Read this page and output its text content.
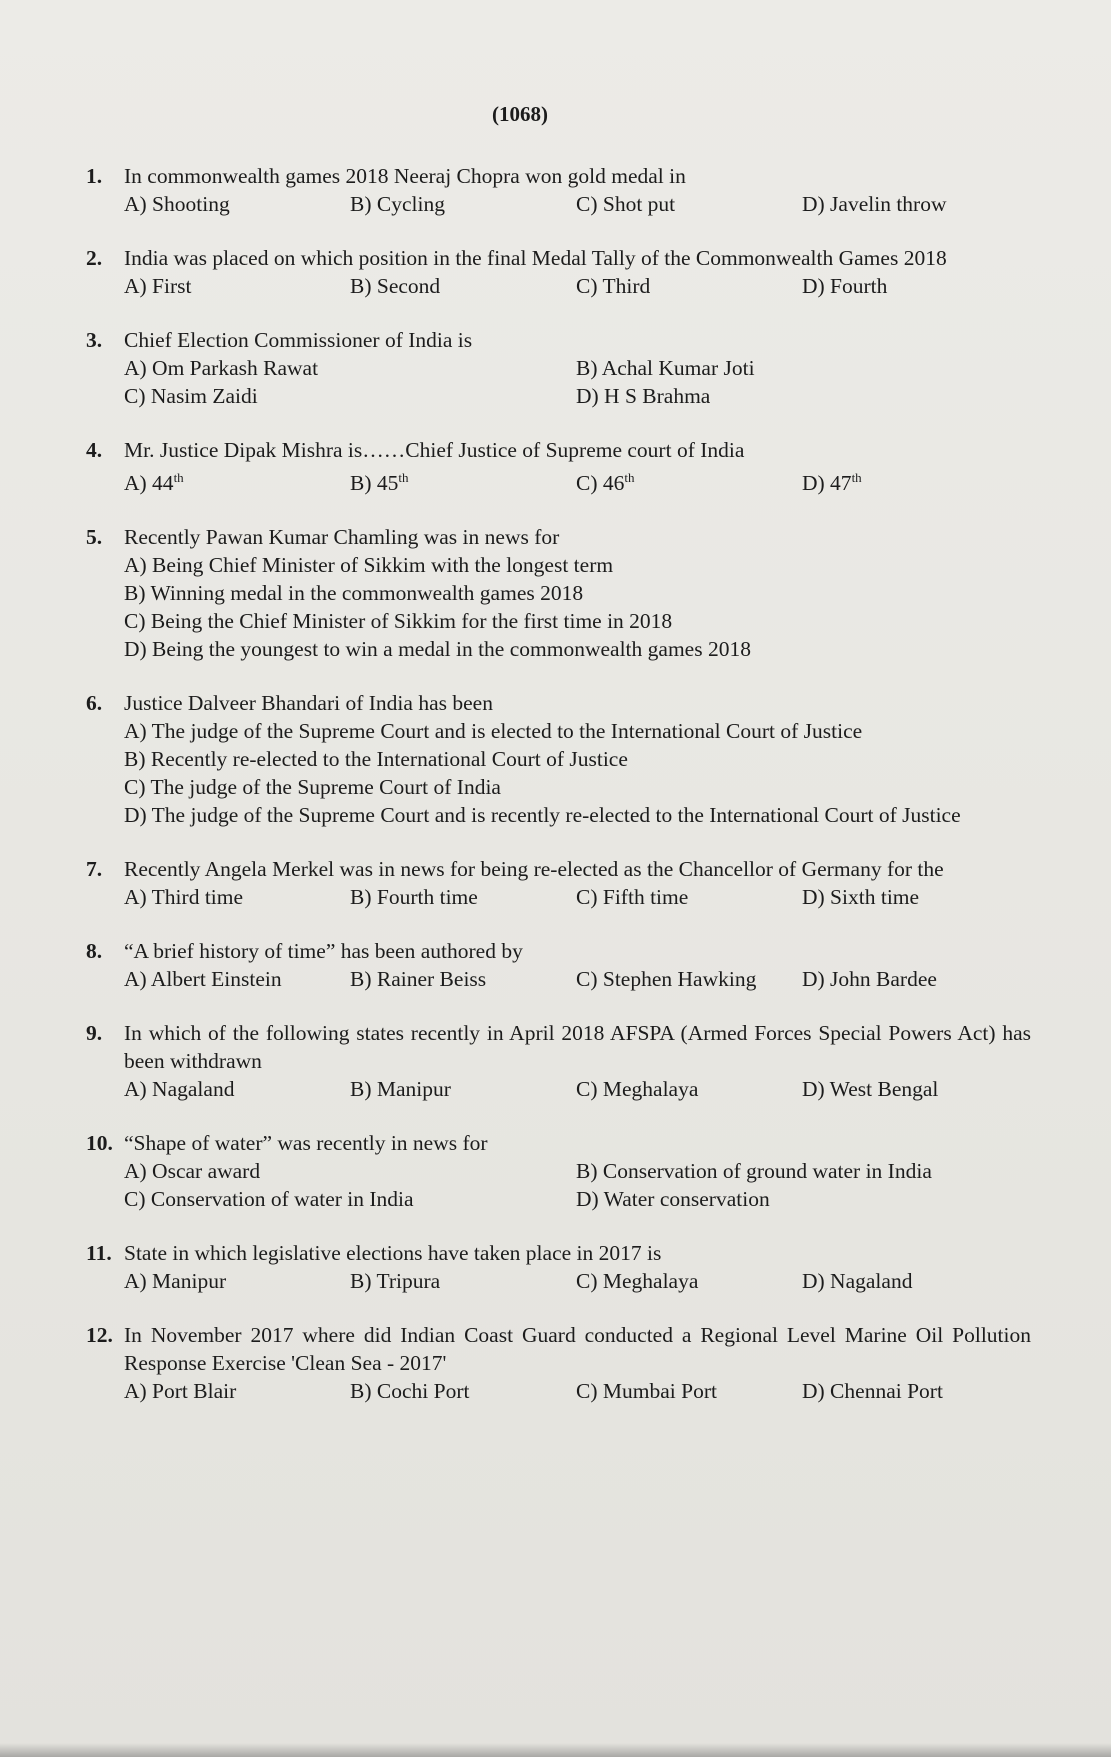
(1068)
1.	In commonwealth games 2018 Neeraj Chopra won gold medal in
A) Shooting	B) Cycling	C) Shot put	D) Javelin throw
2.	India was placed on which position in the final Medal Tally of the Commonwealth Games 2018
A) First	B) Second	C) Third	D) Fourth
3.	Chief Election Commissioner of India is
A) Om Parkash Rawat	B) Achal Kumar Joti
C) Nasim Zaidi	D) H S Brahma
4.	Mr. Justice Dipak Mishra is……Chief Justice of Supreme court of India
A) 44th	B) 45th	C) 46th	D) 47th
5.	Recently Pawan Kumar Chamling was in news for
A) Being Chief Minister of Sikkim with the longest term
B) Winning medal in the commonwealth games 2018
C) Being the Chief Minister of Sikkim for the first time in 2018
D) Being the youngest to win a medal in the commonwealth games 2018
6.	Justice Dalveer Bhandari of India has been
A) The judge of the Supreme Court and is elected to the International Court of Justice
B) Recently re-elected to the International Court of Justice
C) The judge of the Supreme Court of India
D) The judge of the Supreme Court and is recently re-elected to the International Court of Justice
7.	Recently Angela Merkel was in news for being re-elected as the Chancellor of Germany for the
A) Third time	B) Fourth time	C) Fifth time	D) Sixth time
8.	“A brief history of time” has been authored by
A) Albert Einstein	B) Rainer Beiss	C) Stephen Hawking	D) John Bardee
9.	In which of the following states recently in April 2018 AFSPA (Armed Forces Special Powers Act) has been withdrawn
A) Nagaland	B) Manipur	C) Meghalaya	D) West Bengal
10. “Shape of water” was recently in news for
A) Oscar award	B) Conservation of ground water in India
C) Conservation of water in India	D) Water conservation
11. State in which legislative elections have taken place in 2017 is
A) Manipur	B) Tripura	C) Meghalaya	D) Nagaland
12. In November 2017 where did Indian Coast Guard conducted a Regional Level Marine Oil Pollution Response Exercise 'Clean Sea - 2017'
A) Port Blair	B) Cochi Port	C) Mumbai Port	D) Chennai Port
